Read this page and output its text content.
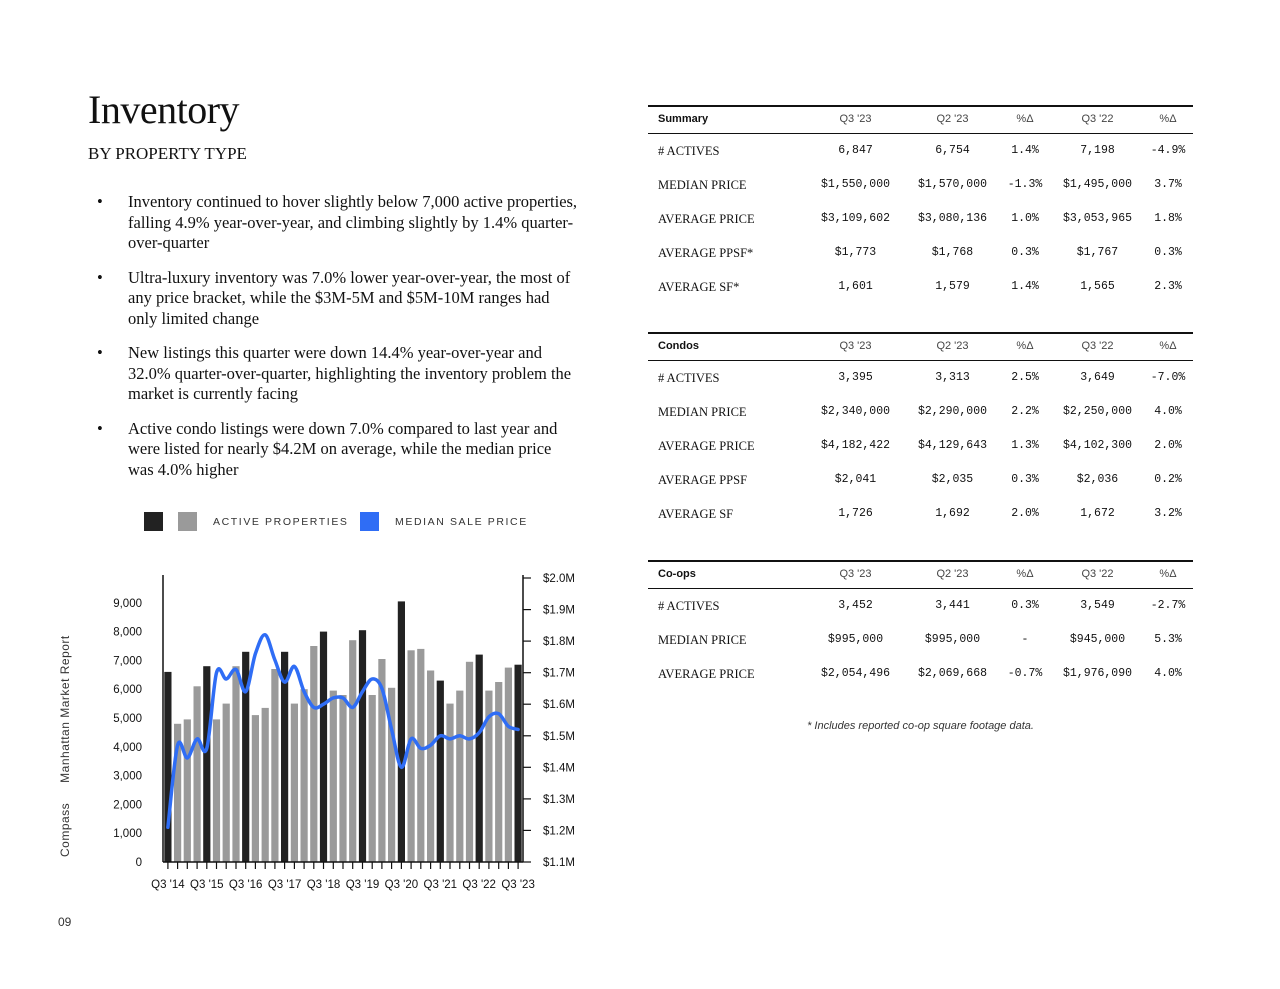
Inventory
BY PROPERTY TYPE
• Inventory continued to hover slightly below 7,000 active properties, falling 4.9% year-over-year, and climbing slightly by 1.4% quarter-over-quarter
• Ultra-luxury inventory was 7.0% lower year-over-year, the most of any price bracket, while the $3M-5M and $5M-10M ranges had only limited change
• New listings this quarter were down 14.4% year-over-year and 32.0% quarter-over-quarter, highlighting the inventory problem the market is currently facing
• Active condo listings were down 7.0% compared to last year and were listed for nearly $4.2M on average, while the median price was 4.0% higher
ACTIVE PROPERTIES	MEDIAN SALE PRICE
0
1,000
2,000
3,000
4,000
5,000
6,000
7,000
8,000
9,000
$1.1M
$1.2M
$1.3M
$1.4M
$1.5M
$1.6M
$1.7M
$1.8M
$1.9M
$2.0M
Q3 '14 Q3 '15 Q3 '16 Q3 '17 Q3 '18 Q3 '19 Q3 '20 Q3 '21 Q3 '22 Q3 '23
CompassManhattan Market Report
09
Summary	Q3 '23	Q2 '23	%Δ	Q3 '22	%Δ
# ACTIVES	6,847	6,754	1.4%	7,198	-4.9%
MEDIAN PRICE	$1,550,000	$1,570,000	-1.3%	$1,495,000	3.7%
AVERAGE PRICE	$3,109,602	$3,080,136	1.0%	$3,053,965	1.8%
AVERAGE PPSF*	$1,773	$1,768	0.3%	$1,767	0.3%
AVERAGE SF*	1,601	1,579	1.4%	1,565	2.3%
Condos	Q3 '23	Q2 '23	%Δ	Q3 '22	%Δ
# ACTIVES	3,395	3,313	2.5%	3,649	-7.0%
MEDIAN PRICE	$2,340,000	$2,290,000	2.2%	$2,250,000	4.0%
AVERAGE PRICE	$4,182,422	$4,129,643	1.3%	$4,102,300	2.0%
AVERAGE PPSF	$2,041	$2,035	0.3%	$2,036	0.2%
AVERAGE SF	1,726	1,692	2.0%	1,672	3.2%
Co-ops	Q3 '23	Q2 '23	%Δ	Q3 '22	%Δ
# ACTIVES	3,452	3,441	0.3%	3,549	-2.7%
MEDIAN PRICE	$995,000	$995,000	-	$945,000	5.3%
AVERAGE PRICE	$2,054,496	$2,069,668	-0.7%	$1,976,090	4.0%
* Includes reported co-op square footage data.
